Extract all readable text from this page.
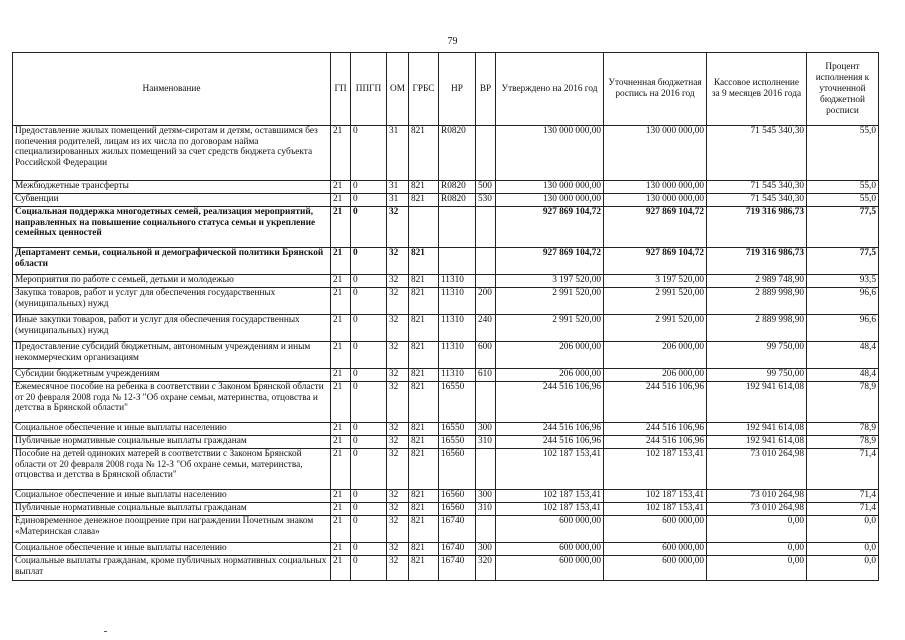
79
Наименование	ГП	ППГП	ОМ	ГРБС	НР	ВР	Утверждено на 2016 год	Уточненная бюджетная роспись на 2016 год	Кассовое исполнение за 9 месяцев 2016 года	Процент исполнения к уточненной бюджетной росписи
Предоставление жилых помещений детям-сиротам и детям, оставшимся без попечения родителей, лицам из их числа по договорам найма специализированных жилых помещений за счет средств бюджета субъекта Российской Федерации	21	0	31	821	R0820		130 000 000,00	130 000 000,00	71 545 340,30	55,0
Межбюджетные трансферты	21	0	31	821	R0820	500	130 000 000,00	130 000 000,00	71 545 340,30	55,0
Субвенции	21	0	31	821	R0820	530	130 000 000,00	130 000 000,00	71 545 340,30	55,0
Социальная поддержка многодетных семей, реализация мероприятий, направленных на повышение социального статуса семьи и укрепление семейных ценностей	21	0	32				927 869 104,72	927 869 104,72	719 316 986,73	77,5
Департамент семьи, социальной и демографической политики Брянской области	21	0	32	821			927 869 104,72	927 869 104,72	719 316 986,73	77,5
Мероприятия по работе с семьей, детьми и молодежью	21	0	32	821	11310		3 197 520,00	3 197 520,00	2 989 748,90	93,5
Закупка товаров, работ и услуг для обеспечения государственных (муниципальных) нужд	21	0	32	821	11310	200	2 991 520,00	2 991 520,00	2 889 998,90	96,6
Иные закупки товаров, работ и услуг для обеспечения государственных (муниципальных) нужд	21	0	32	821	11310	240	2 991 520,00	2 991 520,00	2 889 998,90	96,6
Предоставление субсидий бюджетным, автономным учреждениям и иным некоммерческим организациям	21	0	32	821	11310	600	206 000,00	206 000,00	99 750,00	48,4
Субсидии бюджетным учреждениям	21	0	32	821	11310	610	206 000,00	206 000,00	99 750,00	48,4
Ежемесячное пособие на ребенка в соответствии с Законом Брянской области от 20 февраля 2008 года № 12-З "Об охране семьи, материнства, отцовства и детства в Брянской области"	21	0	32	821	16550		244 516 106,96	244 516 106,96	192 941 614,08	78,9
Социальное обеспечение и иные выплаты населению	21	0	32	821	16550	300	244 516 106,96	244 516 106,96	192 941 614,08	78,9
Публичные нормативные социальные выплаты гражданам	21	0	32	821	16550	310	244 516 106,96	244 516 106,96	192 941 614,08	78,9
Пособие на детей одиноких матерей в соответствии с Законом Брянской области от 20 февраля 2008 года № 12-З "Об охране семьи, материнства, отцовства и детства в Брянской области"	21	0	32	821	16560		102 187 153,41	102 187 153,41	73 010 264,98	71,4
Социальное обеспечение и иные выплаты населению	21	0	32	821	16560	300	102 187 153,41	102 187 153,41	73 010 264,98	71,4
Публичные нормативные социальные выплаты гражданам	21	0	32	821	16560	310	102 187 153,41	102 187 153,41	73 010 264,98	71,4
Единовременное денежное поощрение при награждении Почетным знаком «Материнская слава»	21	0	32	821	16740		600 000,00	600 000,00	0,00	0,0
Социальное обеспечение и иные выплаты населению	21	0	32	821	16740	300	600 000,00	600 000,00	0,00	0,0
Социальные выплаты гражданам, кроме публичных нормативных социальных выплат	21	0	32	821	16740	320	600 000,00	600 000,00	0,00	0,0
